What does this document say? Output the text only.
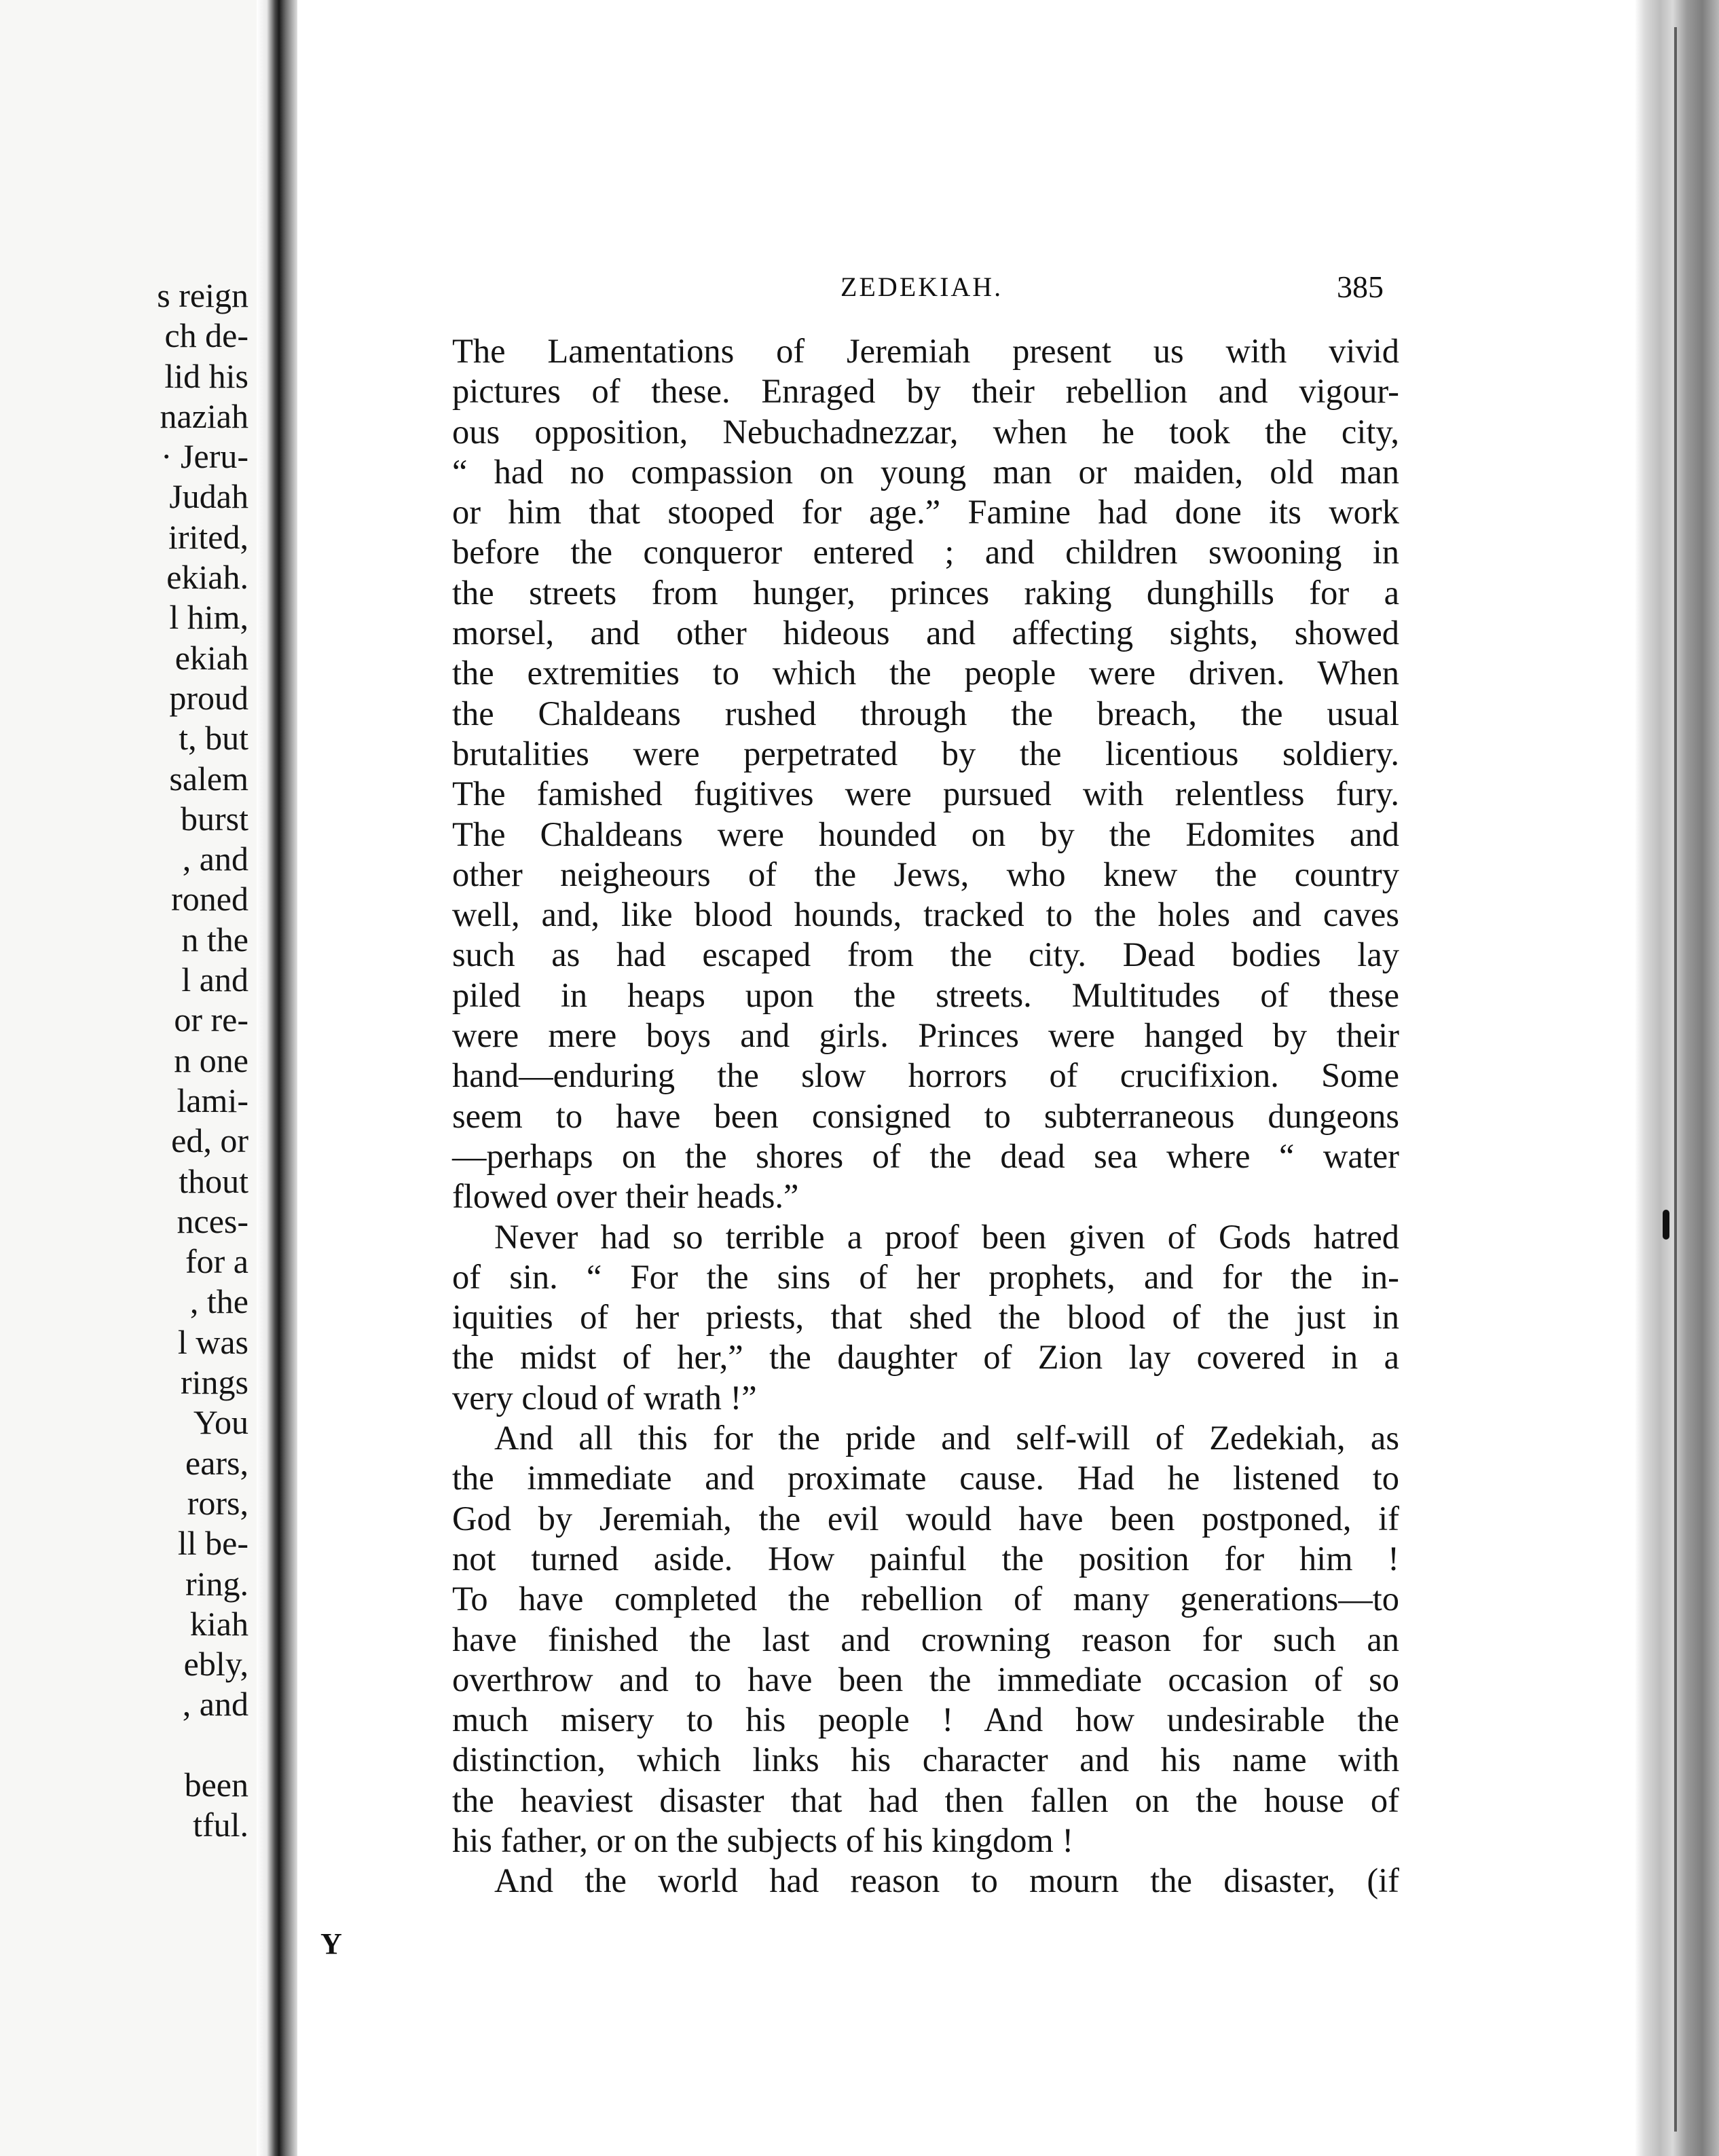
s reign
ch de-
lid his
naziah
· Jeru-
Judah
irited,
ekiah.
l him,
ekiah
proud
t, but
salem
burst
, and
roned
n the
l and
or re-
n one
lami-
ed, or
thout
nces-
for a
, the
l was
rings
You
ears,
rors,
ll be-
ring.
kiah
ebly,
, and
been
tful.
ZEDEKIAH.	385
The Lamentations of Jeremiah present us with vivid
pictures of these. Enraged by their rebellion and vigour-
ous opposition, Nebuchadnezzar, when he took the city,
“ had no compassion on young man or maiden, old man
or him that stooped for age.” Famine had done its work
before the conqueror entered ; and children swooning in
the streets from hunger, princes raking dunghills for a
morsel, and other hideous and affecting sights, showed
the extremities to which the people were driven. When
the Chaldeans rushed through the breach, the usual
brutalities were perpetrated by the licentious soldiery.
The famished fugitives were pursued with relentless fury.
The Chaldeans were hounded on by the Edomites and
other neigheours of the Jews, who knew the country
well, and, like blood hounds, tracked to the holes and caves
such as had escaped from the city. Dead bodies lay
piled in heaps upon the streets. Multitudes of these
were mere boys and girls. Princes were hanged by their
hand—enduring the slow horrors of crucifixion. Some
seem to have been consigned to subterraneous dungeons
—perhaps on the shores of the dead sea where “ water
flowed over their heads.”
Never had so terrible a proof been given of Gods hatred
of sin. “ For the sins of her prophets, and for the in-
iquities of her priests, that shed the blood of the just in
the midst of her,” the daughter of Zion lay covered in a
very cloud of wrath !”
And all this for the pride and self-will of Zedekiah, as
the immediate and proximate cause. Had he listened to
God by Jeremiah, the evil would have been postponed, if
not turned aside. How painful the position for him !
To have completed the rebellion of many generations—to
have finished the last and crowning reason for such an
overthrow and to have been the immediate occasion of so
much misery to his people ! And how undesirable the
distinction, which links his character and his name with
the heaviest disaster that had then fallen on the house of
his father, or on the subjects of his kingdom !
And the world had reason to mourn the disaster, (if
Y
